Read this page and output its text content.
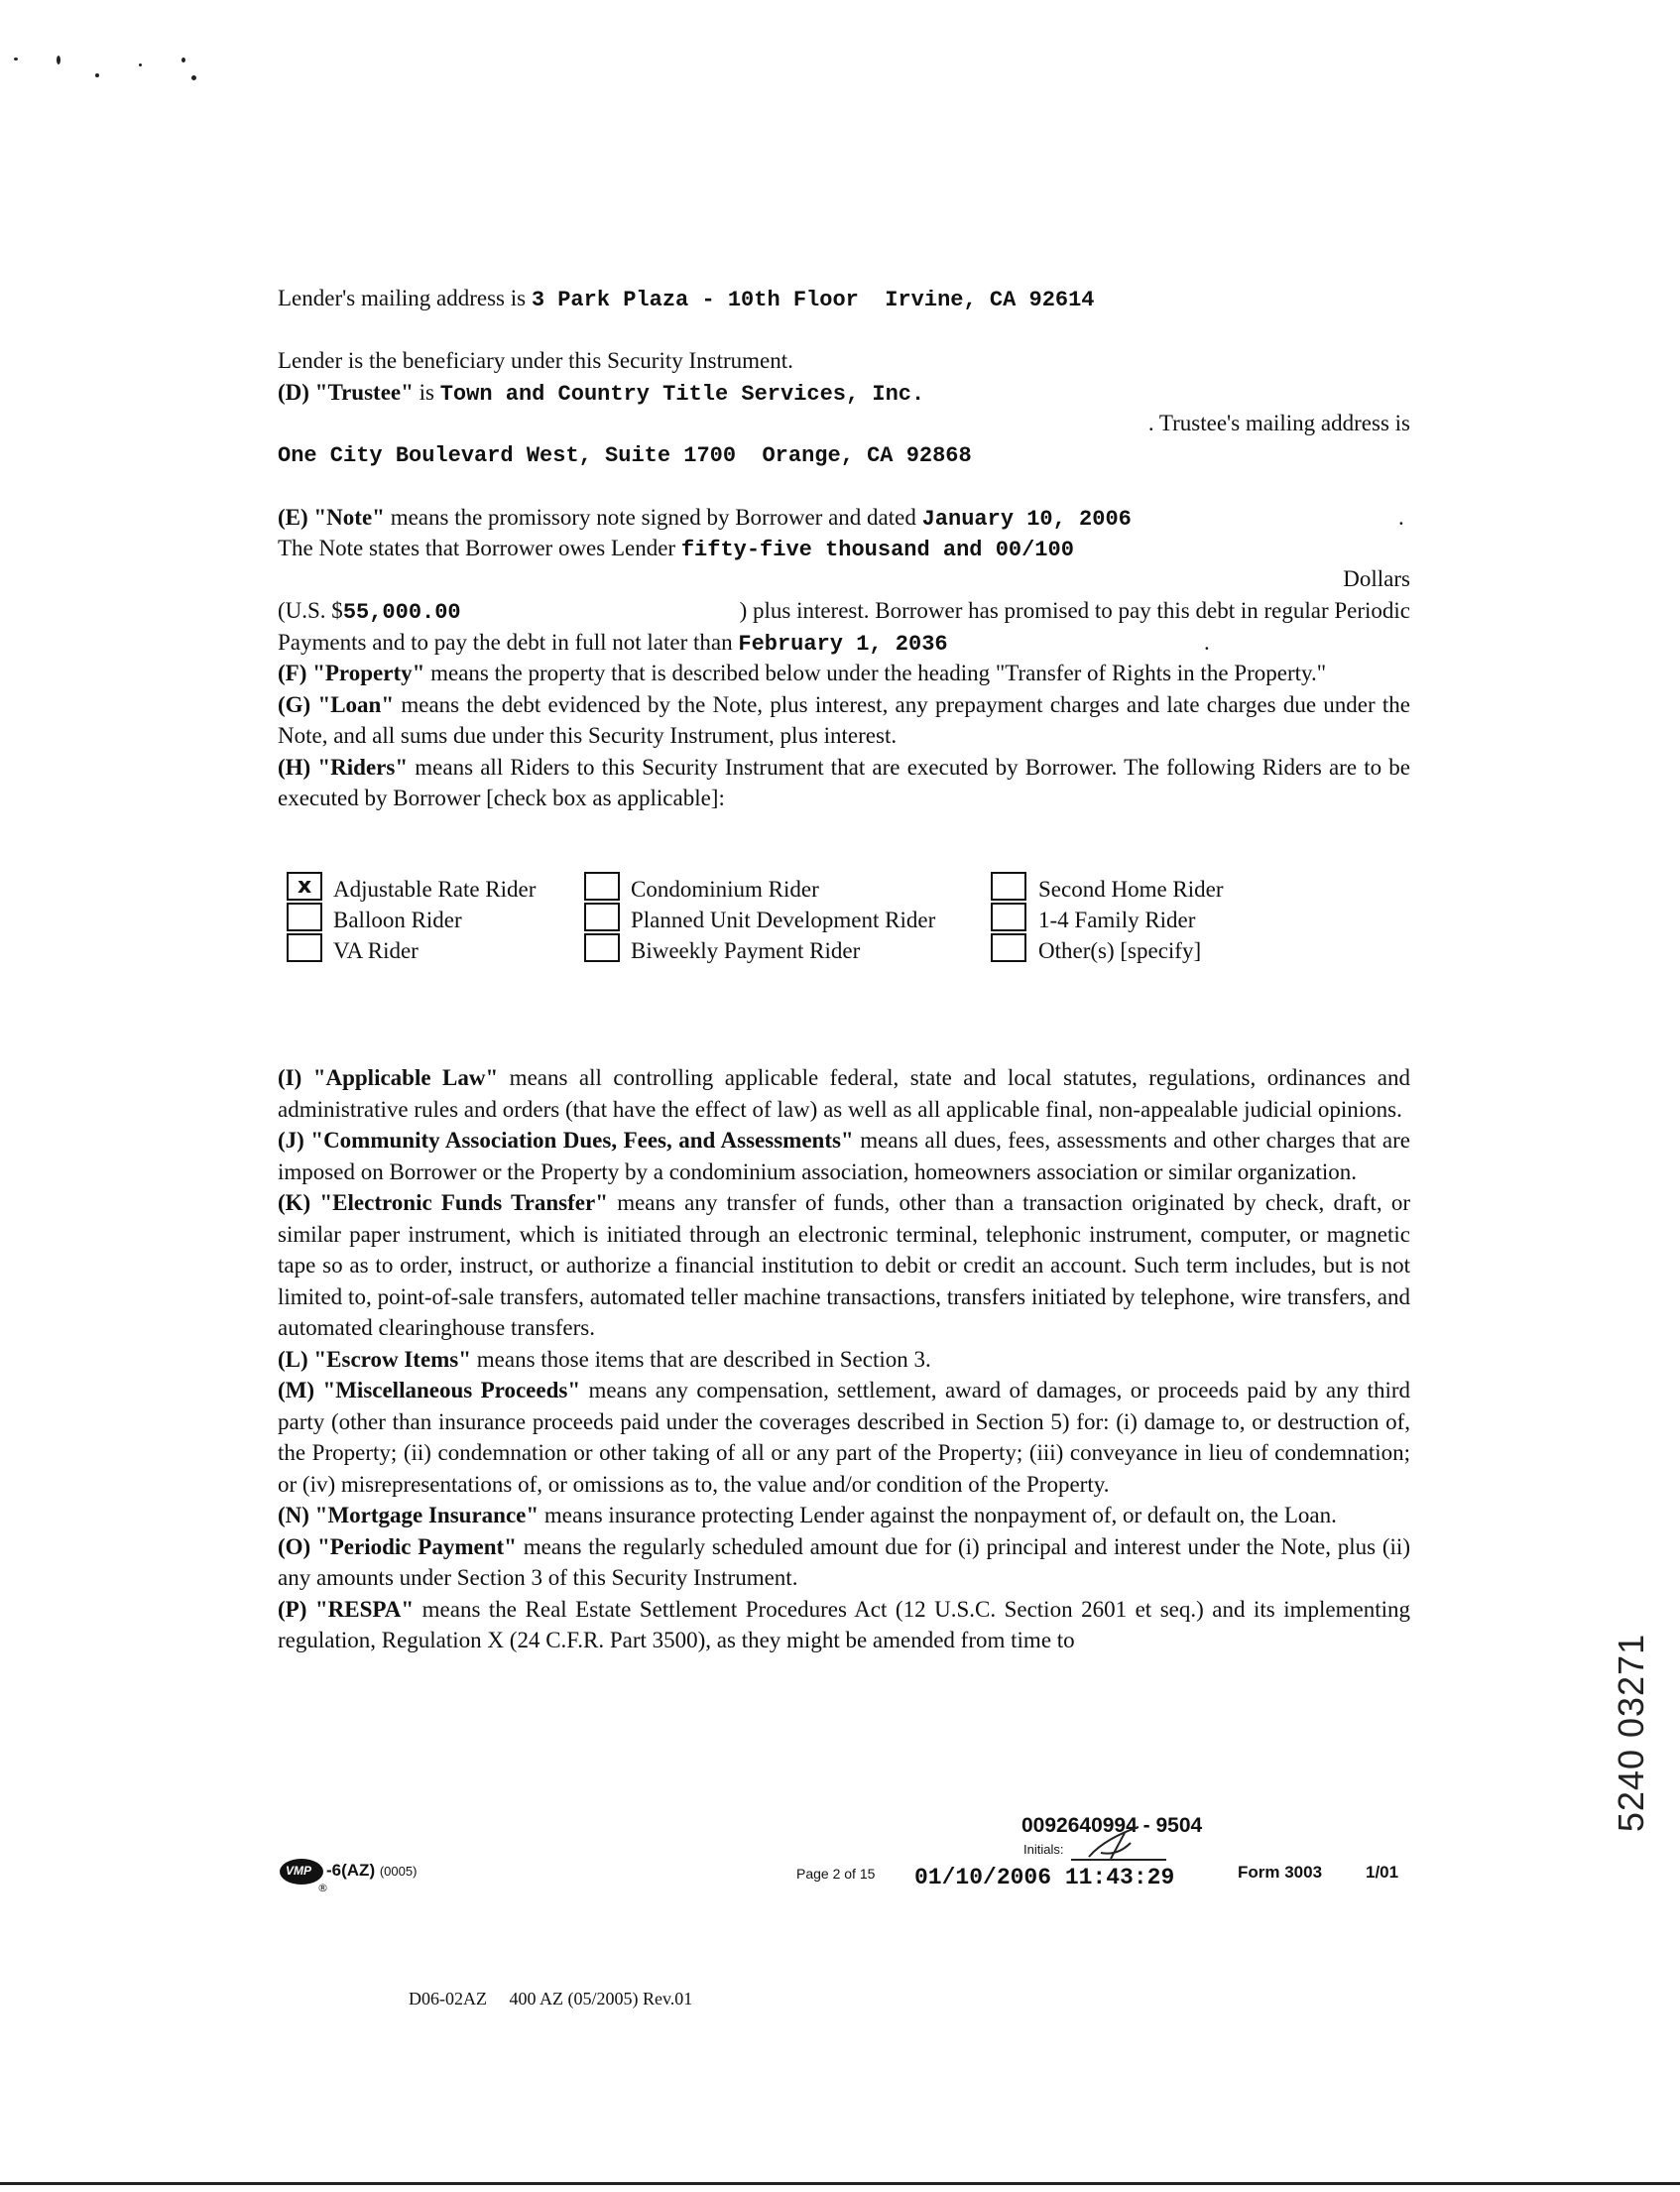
Lender's mailing address is 3 Park Plaza - 10th Floor  Irvine, CA 92614
Lender is the beneficiary under this Security Instrument.
(D) "Trustee" is Town and Country Title Services, Inc.
. Trustee's mailing address is
One City Boulevard West, Suite 1700  Orange, CA 92868
(E) "Note" means the promissory note signed by Borrower and dated January 10, 2006	.
The Note states that Borrower owes Lender fifty-five thousand and 00/100
Dollars
(U.S. $55,000.00	) plus interest. Borrower has promised to pay this debt in regular Periodic
Payments and to pay the debt in full not later than February 1, 2036	.
(F) "Property" means the property that is described below under the heading "Transfer of Rights in the Property."
(G) "Loan" means the debt evidenced by the Note, plus interest, any prepayment charges and late charges due under the Note, and all sums due under this Security Instrument, plus interest.
(H) "Riders" means all Riders to this Security Instrument that are executed by Borrower. The following Riders are to be executed by Borrower [check box as applicable]:
x Adjustable Rate Rider	Condominium Rider	Second Home Rider
Balloon Rider	Planned Unit Development Rider	1-4 Family Rider
VA Rider	Biweekly Payment Rider	Other(s) [specify]
(I) "Applicable Law" means all controlling applicable federal, state and local statutes, regulations, ordinances and administrative rules and orders (that have the effect of law) as well as all applicable final, non-appealable judicial opinions.
(J) "Community Association Dues, Fees, and Assessments" means all dues, fees, assessments and other charges that are imposed on Borrower or the Property by a condominium association, homeowners association or similar organization.
(K) "Electronic Funds Transfer" means any transfer of funds, other than a transaction originated by check, draft, or similar paper instrument, which is initiated through an electronic terminal, telephonic instrument, computer, or magnetic tape so as to order, instruct, or authorize a financial institution to debit or credit an account. Such term includes, but is not limited to, point-of-sale transfers, automated teller machine transactions, transfers initiated by telephone, wire transfers, and automated clearinghouse transfers.
(L) "Escrow Items" means those items that are described in Section 3.
(M) "Miscellaneous Proceeds" means any compensation, settlement, award of damages, or proceeds paid by any third party (other than insurance proceeds paid under the coverages described in Section 5) for: (i) damage to, or destruction of, the Property; (ii) condemnation or other taking of all or any part of the Property; (iii) conveyance in lieu of condemnation; or (iv) misrepresentations of, or omissions as to, the value and/or condition of the Property.
(N) "Mortgage Insurance" means insurance protecting Lender against the nonpayment of, or default on, the Loan.
(O) "Periodic Payment" means the regularly scheduled amount due for (i) principal and interest under the Note, plus (ii) any amounts under Section 3 of this Security Instrument.
(P) "RESPA" means the Real Estate Settlement Procedures Act (12 U.S.C. Section 2601 et seq.) and its implementing regulation, Regulation X (24 C.F.R. Part 3500), as they might be amended from time to
0092640994 - 9504
Initials:
VMP
®
-6(AZ) (0005)	Page 2 of 15 01/10/2006 11:43:29	Form 3003	1/01
D06-02AZ     400 AZ (05/2005) Rev.01
5240 03271
